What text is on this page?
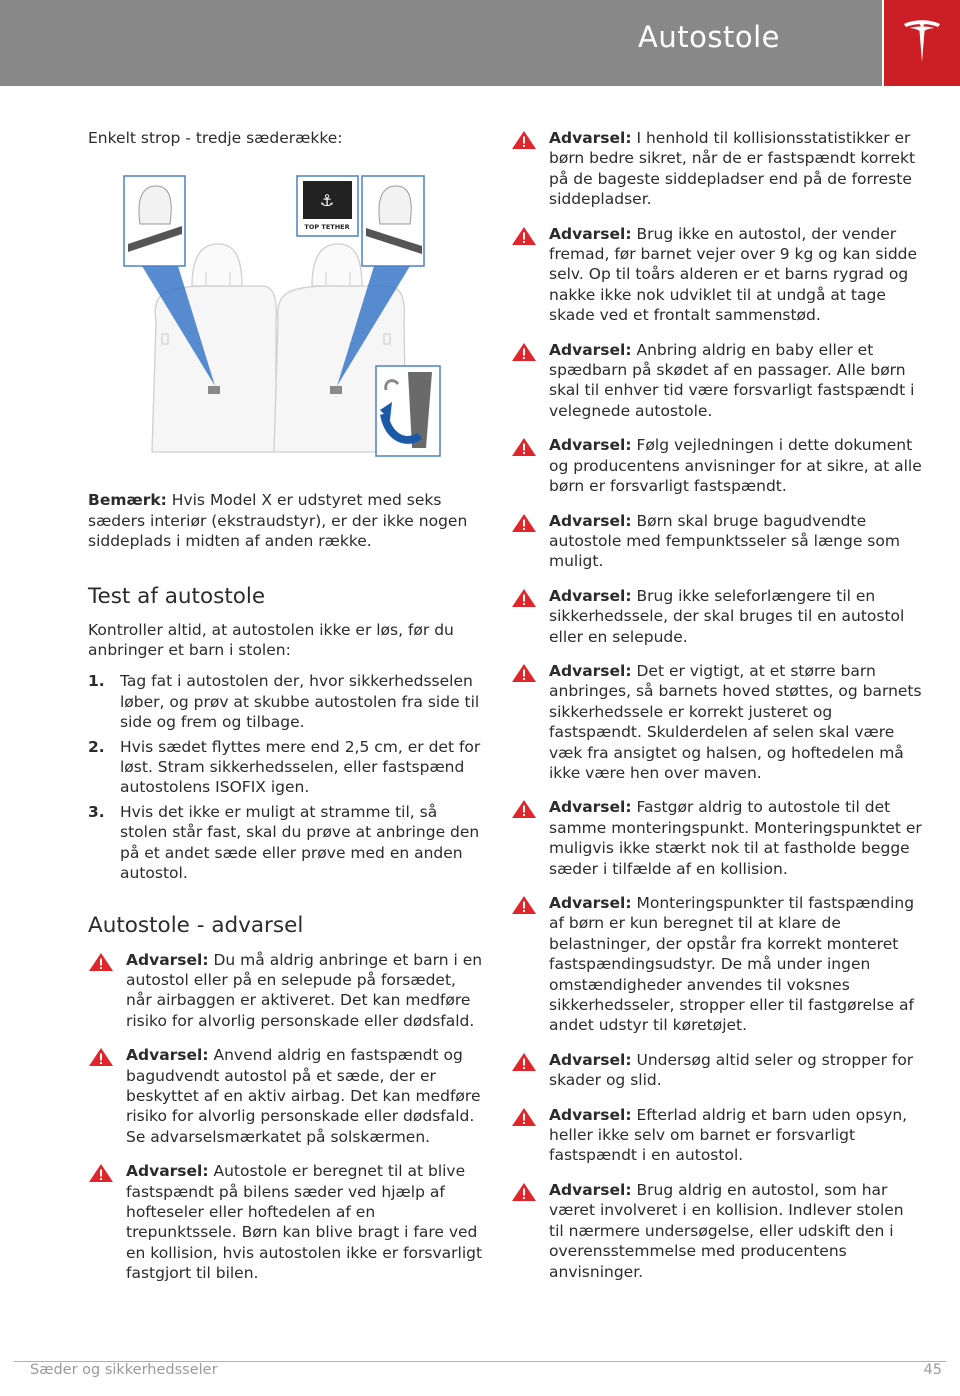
Autostole

Enkelt strop - tredje sæderække:

⚓
TOP TETHER

Bemærk: Hvis Model X er udstyret med seks sæders interiør (ekstraudstyr), er der ikke nogen siddeplads i midten af anden række.

Test af autostole

Kontroller altid, at autostolen ikke er løs, før du anbringer et barn i stolen:

1. Tag fat i autostolen der, hvor sikkerhedsselen løber, og prøv at skubbe autostolen fra side til side og frem og tilbage.
2. Hvis sædet flyttes mere end 2,5 cm, er det for løst. Stram sikkerhedsselen, eller fastspænd autostolens ISOFIX igen.
3. Hvis det ikke er muligt at stramme til, så stolen står fast, skal du prøve at anbringe den på et andet sæde eller prøve med en anden autostol.
Autostole - advarsel
Advarsel: Du må aldrig anbringe et barn i en autostol eller på en selepude på forsædet, når airbaggen er aktiveret. Det kan medføre risiko for alvorlig personskade eller dødsfald.
Advarsel: Anvend aldrig en fastspændt og bagudvendt autostol på et sæde, der er beskyttet af en aktiv airbag. Det kan medføre risiko for alvorlig personskade eller dødsfald. Se advarselsmærkatet på solskærmen.
Advarsel: Autostole er beregnet til at blive fastspændt på bilens sæder ved hjælp af hofteseler eller hoftedelen af en trepunktssele. Børn kan blive bragt i fare ved en kollision, hvis autostolen ikke er forsvarligt fastgjort til bilen.
Advarsel: I henhold til kollisionsstatistikker er børn bedre sikret, når de er fastspændt korrekt på de bageste siddepladser end på de forreste siddepladser.
Advarsel: Brug ikke en autostol, der vender fremad, før barnet vejer over 9 kg og kan sidde selv. Op til toårs alderen er et barns rygrad og nakke ikke nok udviklet til at undgå at tage skade ved et frontalt sammenstød.
Advarsel: Anbring aldrig en baby eller et spædbarn på skødet af en passager. Alle børn skal til enhver tid være forsvarligt fastspændt i velegnede autostole.
Advarsel: Følg vejledningen i dette dokument og producentens anvisninger for at sikre, at alle børn er forsvarligt fastspændt.
Advarsel: Børn skal bruge bagudvendte autostole med fempunktsseler så længe som muligt.
Advarsel: Brug ikke seleforlængere til en sikkerhedssele, der skal bruges til en autostol eller en selepude.
Advarsel: Det er vigtigt, at et større barn anbringes, så barnets hoved støttes, og barnets sikkerhedssele er korrekt justeret og fastspændt. Skulderdelen af selen skal være væk fra ansigtet og halsen, og hoftedelen må ikke være hen over maven.
Advarsel: Fastgør aldrig to autostole til det samme monteringspunkt. Monteringspunktet er muligvis ikke stærkt nok til at fastholde begge sæder i tilfælde af en kollision.
Advarsel: Monteringspunkter til fastspænding af børn er kun beregnet til at klare de belastninger, der opstår fra korrekt monteret fastspændingsudstyr. De må under ingen omstændigheder anvendes til voksnes sikkerhedsseler, stropper eller til fastgørelse af andet udstyr til køretøjet.
Advarsel: Undersøg altid seler og stropper for skader og slid.
Advarsel: Efterlad aldrig et barn uden opsyn, heller ikke selv om barnet er forsvarligt fastspændt i en autostol.
Advarsel: Brug aldrig en autostol, som har været involveret i en kollision. Indlever stolen til nærmere undersøgelse, eller udskift den i overensstemmelse med producentens anvisninger.
Sæder og sikkerhedsseler	45
